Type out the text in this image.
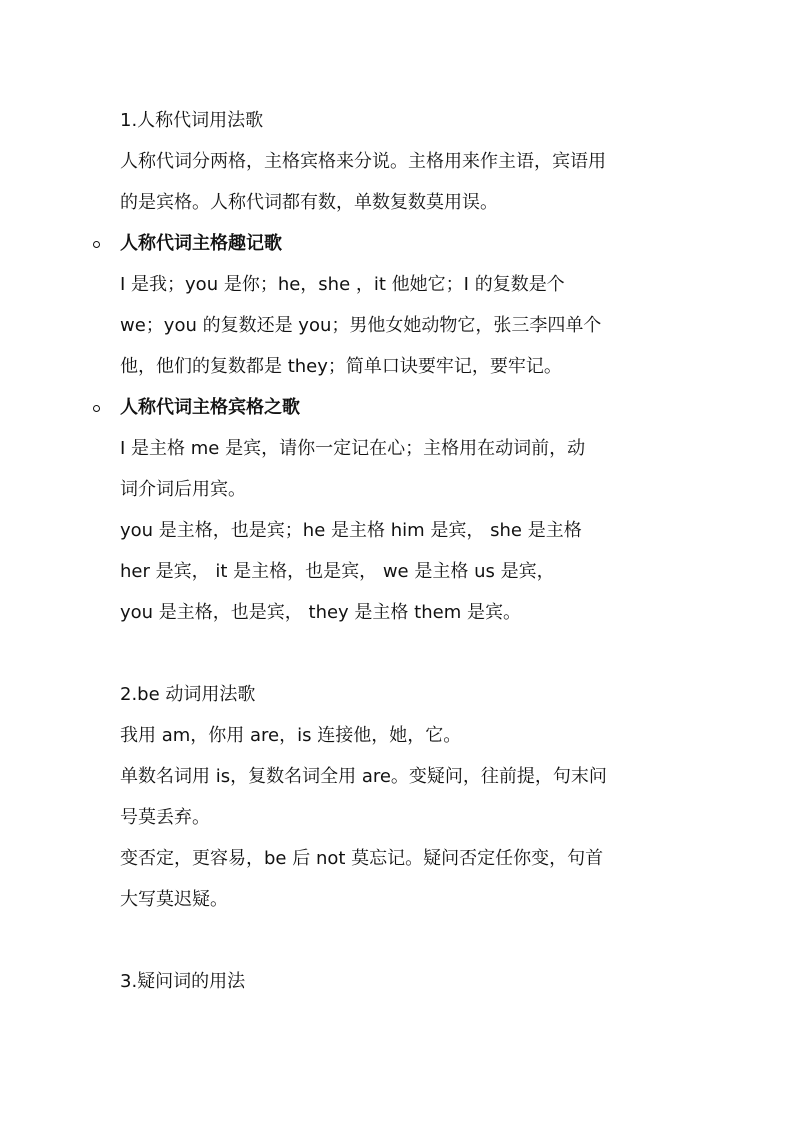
1.人称代词用法歌
人称代词分两格，主格宾格来分说。主格用来作主语，宾语用
的是宾格。人称代词都有数，单数复数莫用误。
人称代词主格趣记歌
I 是我；you 是你；he，she ，it 他她它；I 的复数是个
we；you 的复数还是 you；男他女她动物它，张三李四单个
他，他们的复数都是 they；简单口诀要牢记，要牢记。
人称代词主格宾格之歌
I 是主格 me 是宾，请你一定记在心；主格用在动词前，动
词介词后用宾。
you 是主格，也是宾；he 是主格 him 是宾， she 是主格
her 是宾， it 是主格，也是宾， we 是主格 us 是宾，
you 是主格，也是宾， they 是主格 them 是宾。
2.be 动词用法歌
我用 am，你用 are，is 连接他，她，它。
单数名词用 is，复数名词全用 are。变疑问，往前提，句末问
号莫丢弃。
变否定，更容易，be 后 not 莫忘记。疑问否定任你变，句首
大写莫迟疑。
3.疑问词的用法
